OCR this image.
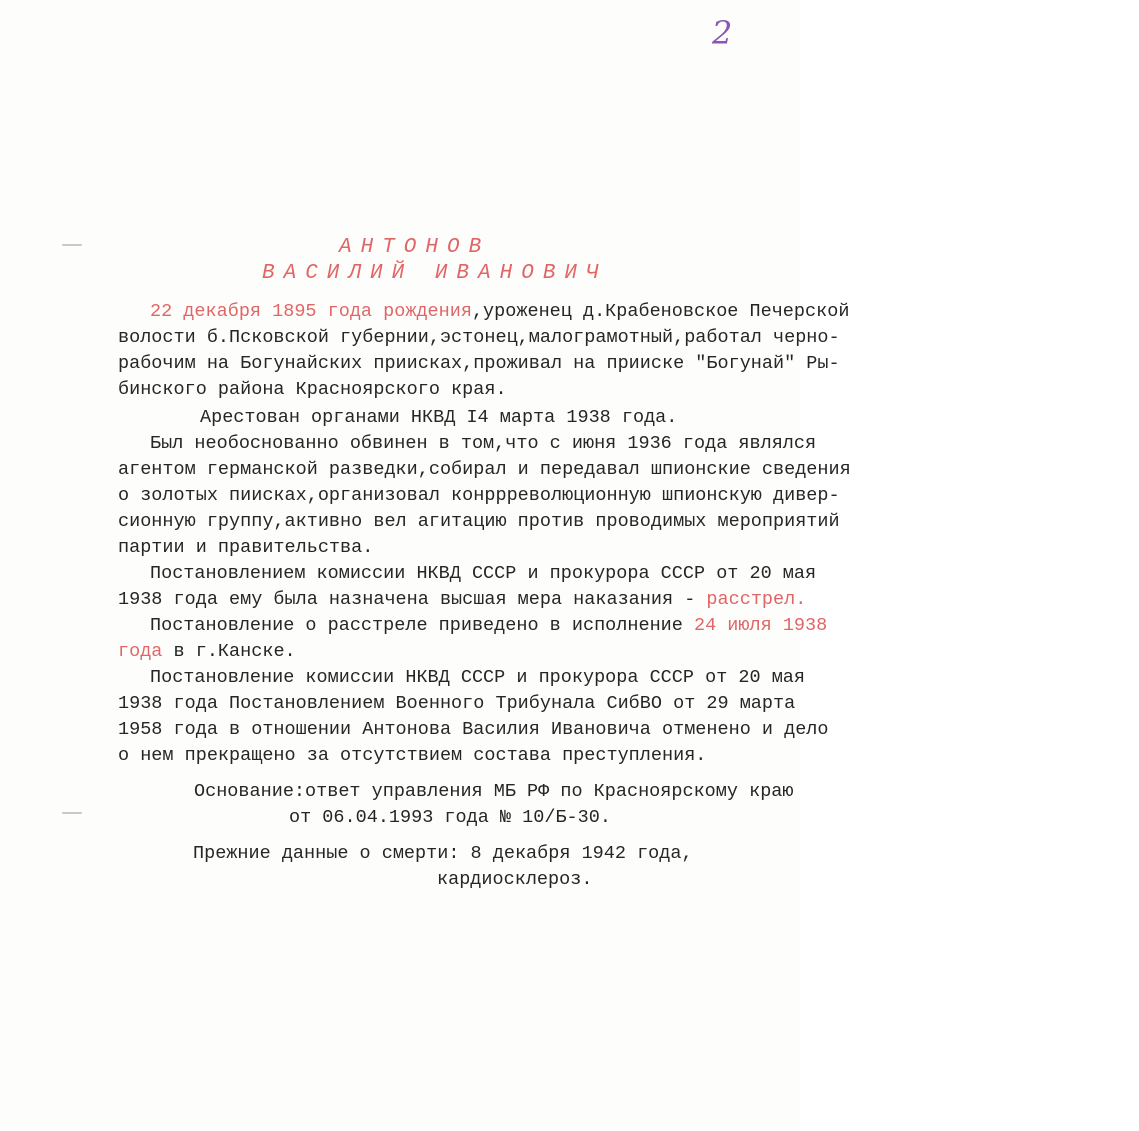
2
АНТОНОВ
ВАСИЛИЙ ИВАНОВИЧ
22 декабря 1895 года рождения,уроженец д.Крабеновское Печерской
волости б.Псковской губернии,эстонец,малограмотный,работал черно-
рабочим на Богунайских приисках,проживал на прииске "Богунай" Ры-
бинского района Красноярского края.
Арестован органами НКВД I4 марта 1938 года.
Был необоснованно обвинен в том,что с июня 1936 года являлся
агентом германской разведки,собирал и передавал шпионские сведения
о золотых пиисках,организовал конррреволюционную шпионскую дивер-
сионную группу,активно вел агитацию против проводимых мероприятий
партии и правительства.
Постановлением комиссии НКВД СССР и прокурора СССР от 20 мая
1938 года ему была назначена высшая мера наказания - расстрел.
Постановление о расстреле приведено в исполнение 24 июля 1938
года в г.Канске.
Постановление комиссии НКВД СССР и прокурора СССР от 20 мая
1938 года Постановлением Военного Трибунала СибВО от 29 марта
1958 года в отношении Антонова Василия Ивановича отменено и дело
о нем прекращено за отсутствием состава преступления.
Основание:ответ управления МБ РФ по Красноярскому краю
от 06.04.1993 года № 10/Б-30.
Прежние данные о смерти: 8 декабря 1942 года,
кардиосклероз.
